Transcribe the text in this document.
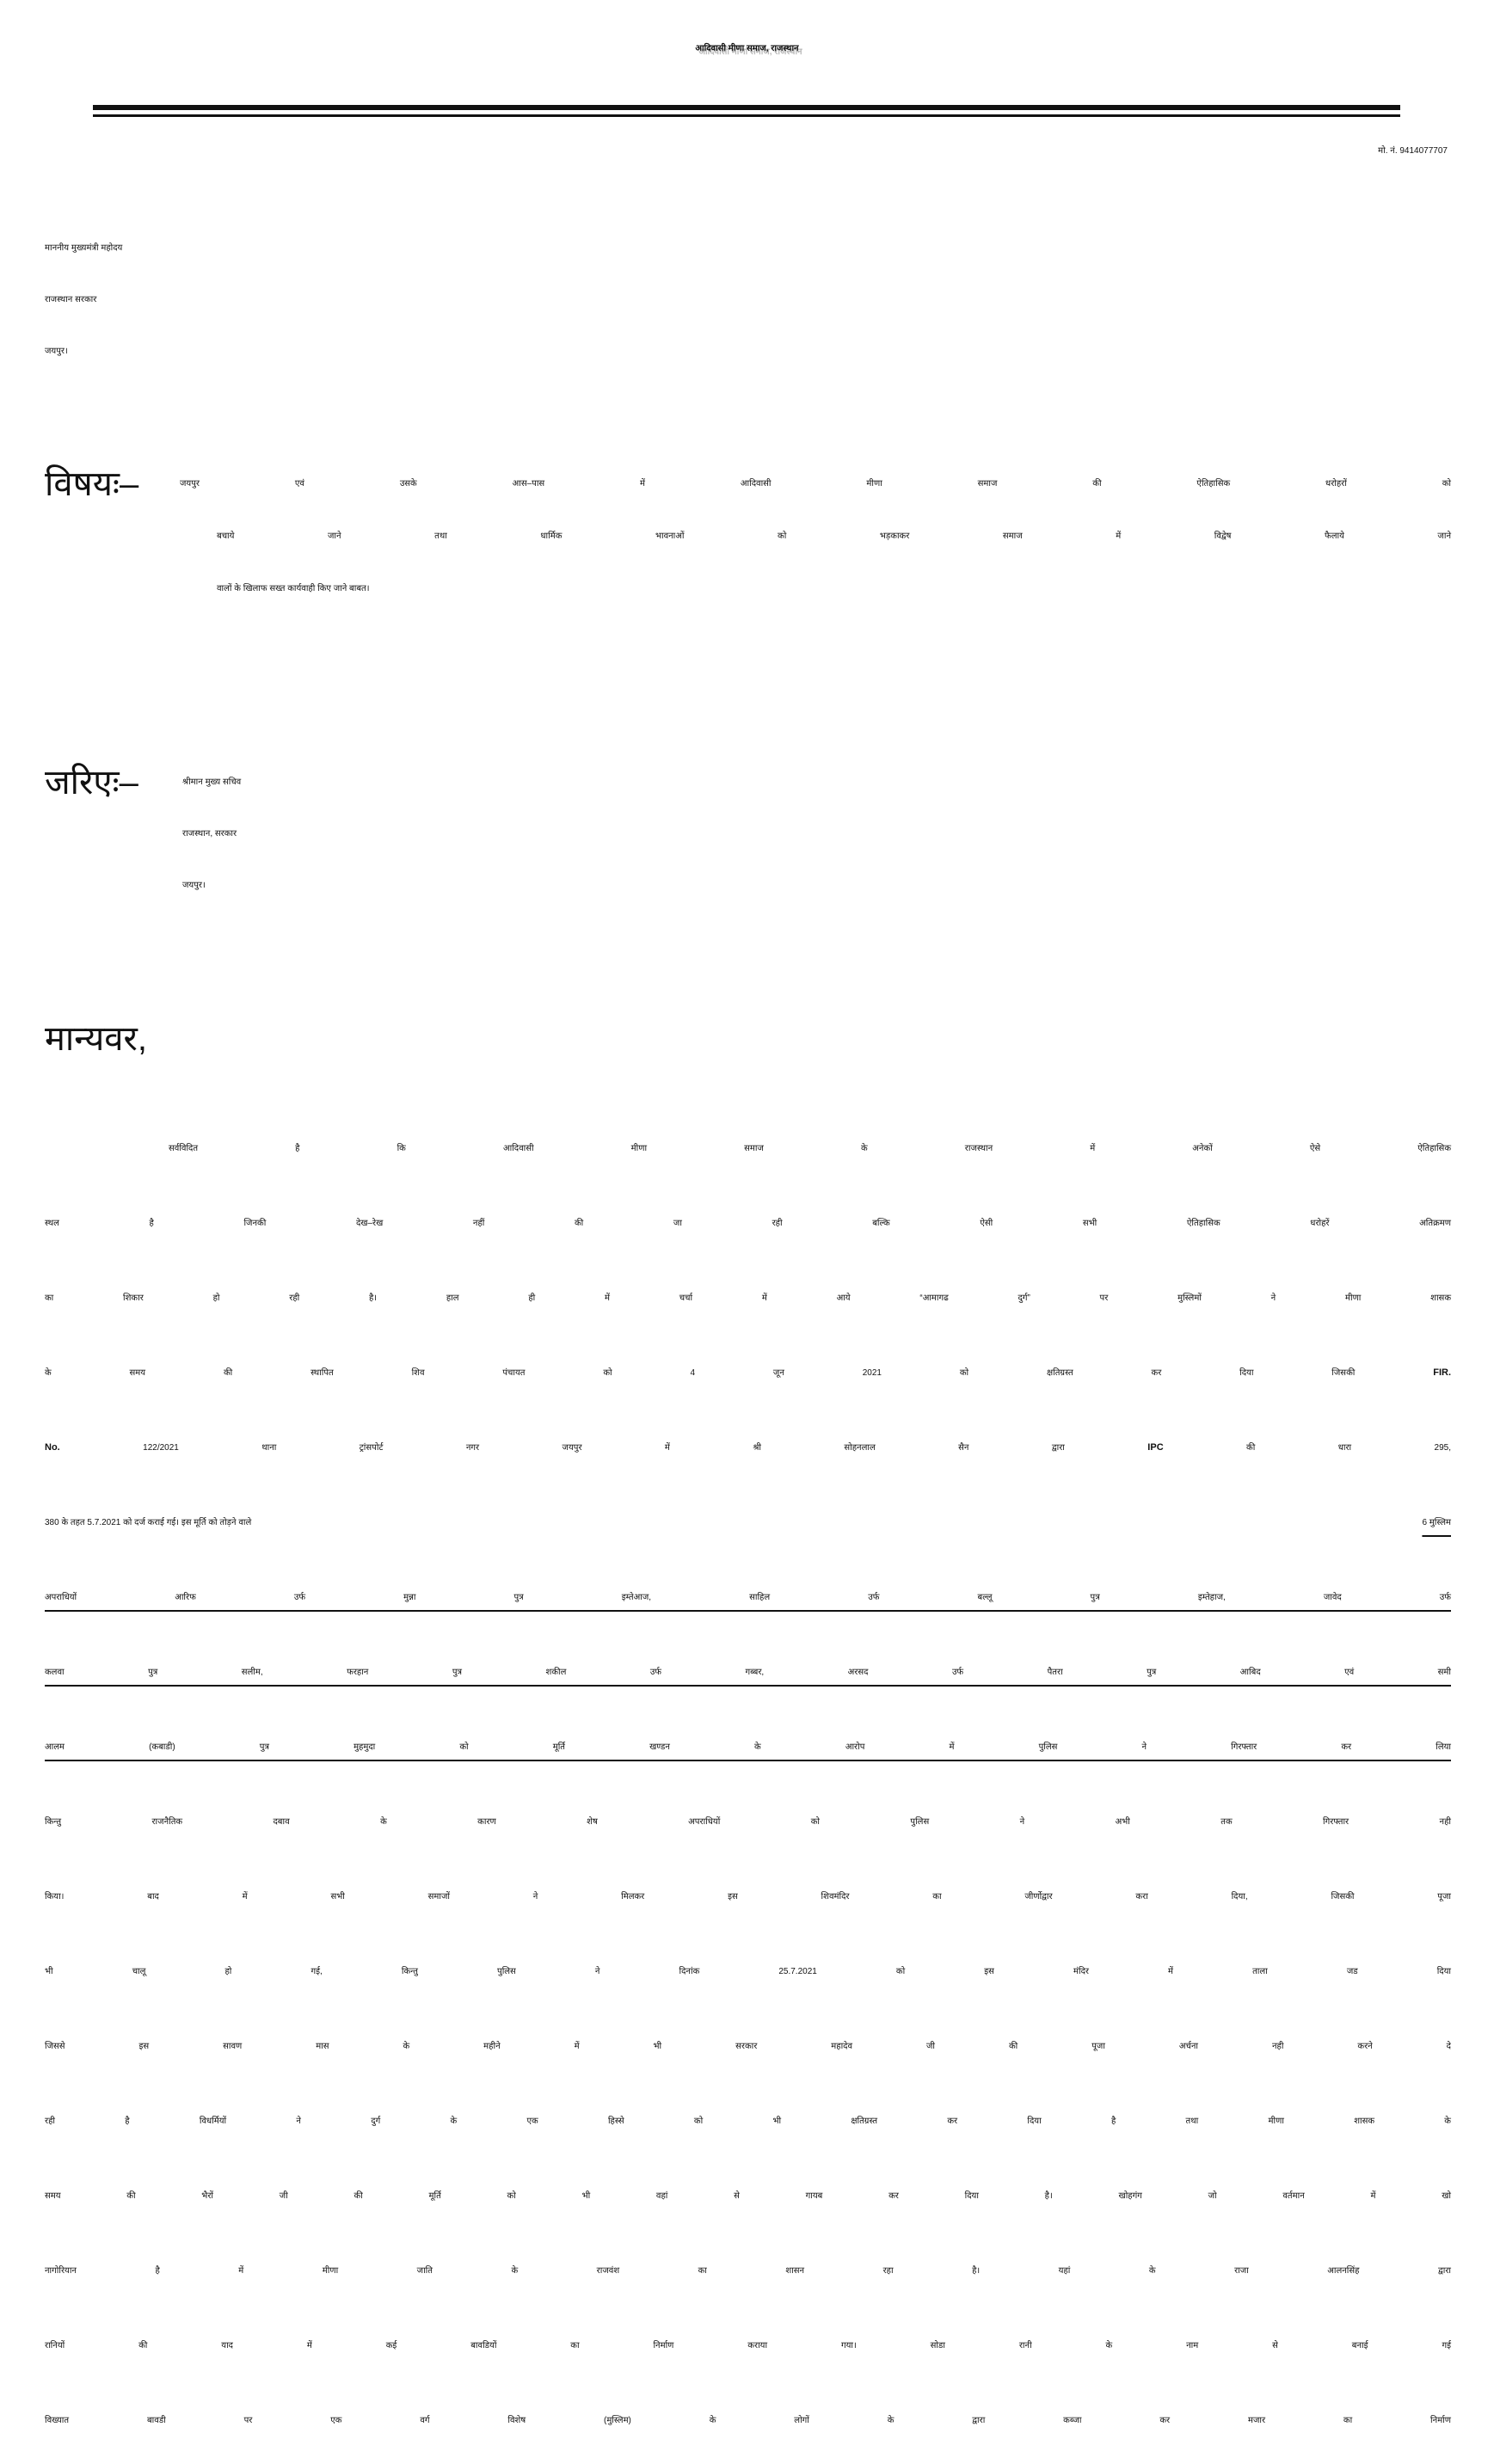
आदिवासी मीणा समाज, राजस्थान
मो. नं. 9414077707
माननीय मुख्यमंत्री महोदय
राजस्थान सरकार
जयपुर।
विषयः–	जयपुर एवं उसके आस–पास में आदिवासी मीणा समाज की ऐतिहासिक धरोहरों को
बचाये जाने तथा धार्मिक भावनाओं को भड़काकर समाज में विद्वेष फैलाये जाने
वालों के खिलाफ सख्त कार्यवाही किए जाने बाबत।
जरिएः–	श्रीमान मुख्य सचिव
राजस्थान, सरकार
जयपुर।
मान्यवर,
सर्वविदित है कि आदिवासी मीणा समाज के राजस्थान में अनेकों ऐसे ऐतिहासिक
स्थल है जिनकी देख–रेख नहीं की जा रही बल्कि ऐसी सभी ऐतिहासिक धरोहरें अतिक्रमण
का शिकार हो रही है। हाल ही में चर्चा में आये “आमागढ दुर्ग” पर मुस्लिमों ने मीणा शासक
के समय की स्थापित शिव पंचायत को 4 जून 2021 को क्षतिग्रस्त कर दिया जिसकी	FIR.
No.	122/2021 थाना ट्रांसपोर्ट नगर जयपुर में श्री सोहनलाल सैन द्वारा	IPC	की धारा 295,
380 के तहत 5.7.2021 को दर्ज कराई गई। इस मूर्ति को तोड़ने वाले	6 मुस्लिम
अपराधियों आरिफ उर्फ मुन्ना पुत्र इम्तेआज, साहिल उर्फ बल्लू पुत्र इम्तेहाज, जावेद उर्फ
कलवा पुत्र सलीम, फरहान पुत्र शकील उर्फ गब्बर, अरसद उर्फ पैतरा पुत्र आबिद एवं समी
आलम (कबाडी) पुत्र मुहमुदा को मूर्ति खण्डन के आरोप में पुलिस ने गिरफ्तार कर लिया
किन्तु राजनैतिक दबाव के कारण शेष अपराधियों को पुलिस ने अभी तक गिरफ्तार नही
किया। बाद में सभी समाजों ने मिलकर इस शिवमंदिर का जीर्णोद्वार करा दिया, जिसकी पूजा
भी चालू हो गई, किन्तु पुलिस ने दिनांक 25.7.2021 को इस मंदिर में ताला जड दिया
जिससे इस सावण मास के महीने में भी सरकार महादेव जी की पूजा अर्चना नही करने दे
रही है विधर्मियों ने दुर्ग के एक हिस्से को भी क्षतिग्रस्त कर दिया है तथा मीणा शासक के
समय की भैरों जी की मूर्ति को भी वहां से गायब कर दिया है। खोहगंग जो वर्तमान में खो
नागोरियान है में मीणा जाति के राजवंश का शासन रहा है। यहां के राजा आलनसिंह द्वारा
रानियों की याद में कई बावडियों का निर्माण कराया गया। सोडा रानी के नाम से बनाई गई
विख्यात बावडी पर एक वर्ग विशेष (मुस्लिम) के लोगों के द्वारा कब्जा कर मजार का निर्माण
